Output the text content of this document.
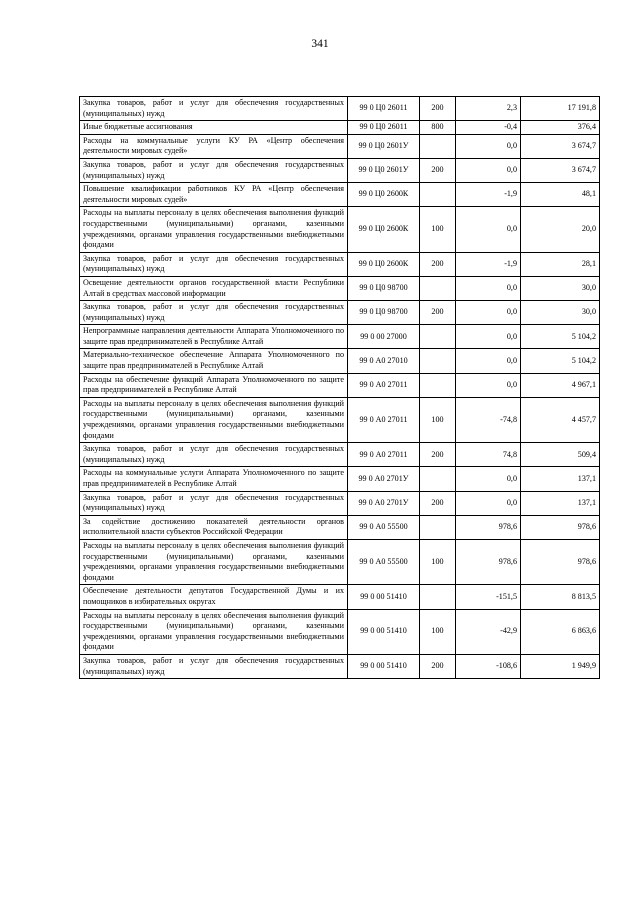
341
Закупка товаров, работ и услуг для обеспечения государственных (муниципальных) нужд	99 0 Ц0 26011	200	2,3	17 191,8
Иные бюджетные ассигнования	99 0 Ц0 26011	800	-0,4	376,4
Расходы на коммунальные услуги КУ РА «Центр обеспечения деятельности мировых судей»	99 0 Ц0 2601У		0,0	3 674,7
Закупка товаров, работ и услуг для обеспечения государственных (муниципальных) нужд	99 0 Ц0 2601У	200	0,0	3 674,7
Повышение квалификации работников КУ РА «Центр обеспечения деятельности мировых судей»	99 0 Ц0 2600К		-1,9	48,1
Расходы на выплаты персоналу в целях обеспечения выполнения функций государственными (муниципальными) органами, казенными учреждениями, органами управления государственными внебюджетными фондами	99 0 Ц0 2600К	100	0,0	20,0
Закупка товаров, работ и услуг для обеспечения государственных (муниципальных) нужд	99 0 Ц0 2600К	200	-1,9	28,1
Освещение деятельности органов государственной власти Республики Алтай в средствах массовой информации	99 0 Ц0 98700		0,0	30,0
Закупка товаров, работ и услуг для обеспечения государственных (муниципальных) нужд	99 0 Ц0 98700	200	0,0	30,0
Непрограммные направления деятельности Аппарата Уполномоченного по защите прав предпринимателей в Республике Алтай	99 0 00 27000		0,0	5 104,2
Материально-техническое обеспечение Аппарата Уполномоченного по защите прав предпринимателей в Республике Алтай	99 0 А0 27010		0,0	5 104,2
Расходы на обеспечение функций Аппарата Уполномоченного по защите прав предпринимателей в Республике Алтай	99 0 А0 27011		0,0	4 967,1
Расходы на выплаты персоналу в целях обеспечения выполнения функций государственными (муниципальными) органами, казенными учреждениями, органами управления государственными внебюджетными фондами	99 0 А0 27011	100	-74,8	4 457,7
Закупка товаров, работ и услуг для обеспечения государственных (муниципальных) нужд	99 0 А0 27011	200	74,8	509,4
Расходы на коммунальные услуги Аппарата Уполномоченного по защите прав предпринимателей в Республике Алтай	99 0 А0 2701У		0,0	137,1
Закупка товаров, работ и услуг для обеспечения государственных (муниципальных) нужд	99 0 А0 2701У	200	0,0	137,1
За содействие достижению показателей деятельности органов исполнительной власти субъектов Российской Федерации	99 0 А0 55500		978,6	978,6
Расходы на выплаты персоналу в целях обеспечения выполнения функций государственными (муниципальными) органами, казенными учреждениями, органами управления государственными внебюджетными фондами	99 0 А0 55500	100	978,6	978,6
Обеспечение деятельности депутатов Государственной Думы и их помощников в избирательных округах	99 0 00 51410		-151,5	8 813,5
Расходы на выплаты персоналу в целях обеспечения выполнения функций государственными (муниципальными) органами, казенными учреждениями, органами управления государственными внебюджетными фондами	99 0 00 51410	100	-42,9	6 863,6
Закупка товаров, работ и услуг для обеспечения государственных (муниципальных) нужд	99 0 00 51410	200	-108,6	1 949,9
